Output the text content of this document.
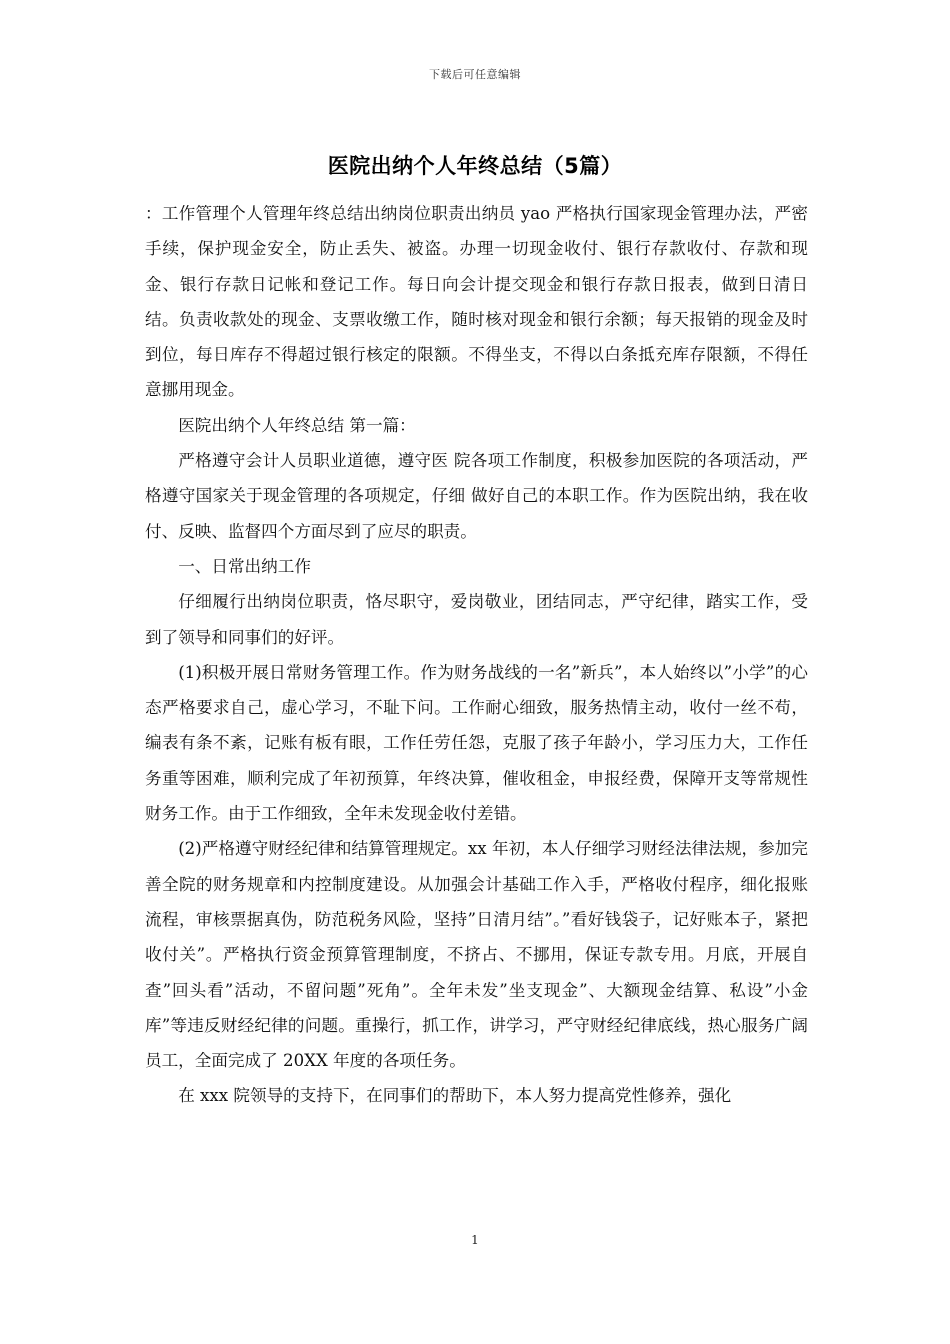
下载后可任意编辑
医院出纳个人年终总结（5篇）

：工作管理个人管理年终总结出纳岗位职责出纳员 yao 严格执行国家现金管理办法，严密手续，保护现金安全，防止丢失、被盗。办理一切现金收付、银行存款收付、存款和现金、银行存款日记帐和登记工作。每日向会计提交现金和银行存款日报表，做到日清日结。负责收款处的现金、支票收缴工作，随时核对现金和银行余额；每天报销的现金及时到位，每日库存不得超过银行核定的限额。不得坐支，不得以白条抵充库存限额，不得任意挪用现金。

医院出纳个人年终总结 第一篇：

严格遵守会计人员职业道德，遵守医 院各项工作制度，积极参加医院的各项活动，严格遵守国家关于现金管理的各项规定，仔细 做好自己的本职工作。作为医院出纳，我在收付、反映、监督四个方面尽到了应尽的职责。

一、日常出纳工作

仔细履行出纳岗位职责，恪尽职守，爱岗敬业，团结同志，严守纪律，踏实工作，受到了领导和同事们的好评。

(1)积极开展日常财务管理工作。作为财务战线的一名”新兵”，本人始终以”小学”的心态严格要求自己，虚心学习，不耻下问。工作耐心细致，服务热情主动，收付一丝不苟，编表有条不紊，记账有板有眼，工作任劳任怨，克服了孩子年龄小，学习压力大，工作任务重等困难，顺利完成了年初预算，年终决算，催收租金，申报经费，保障开支等常规性财务工作。由于工作细致，全年未发现金收付差错。

(2)严格遵守财经纪律和结算管理规定。xx 年初，本人仔细学习财经法律法规，参加完善全院的财务规章和内控制度建设。从加强会计基础工作入手，严格收付程序，细化报账流程，审核票据真伪，防范税务风险，坚持”日清月结”。”看好钱袋子，记好账本子，紧把收付关”。严格执行资金预算管理制度，不挤占、不挪用，保证专款专用。月底，开展自查”回头看”活动，不留问题”死角”。全年未发”坐支现金”、大额现金结算、私设”小金库”等违反财经纪律的问题。重操行，抓工作，讲学习，严守财经纪律底线，热心服务广阔员工，全面完成了 20XX 年度的各项任务。

在 xxx 院领导的支持下，在同事们的帮助下，本人努力提高党性修养，强化

1
